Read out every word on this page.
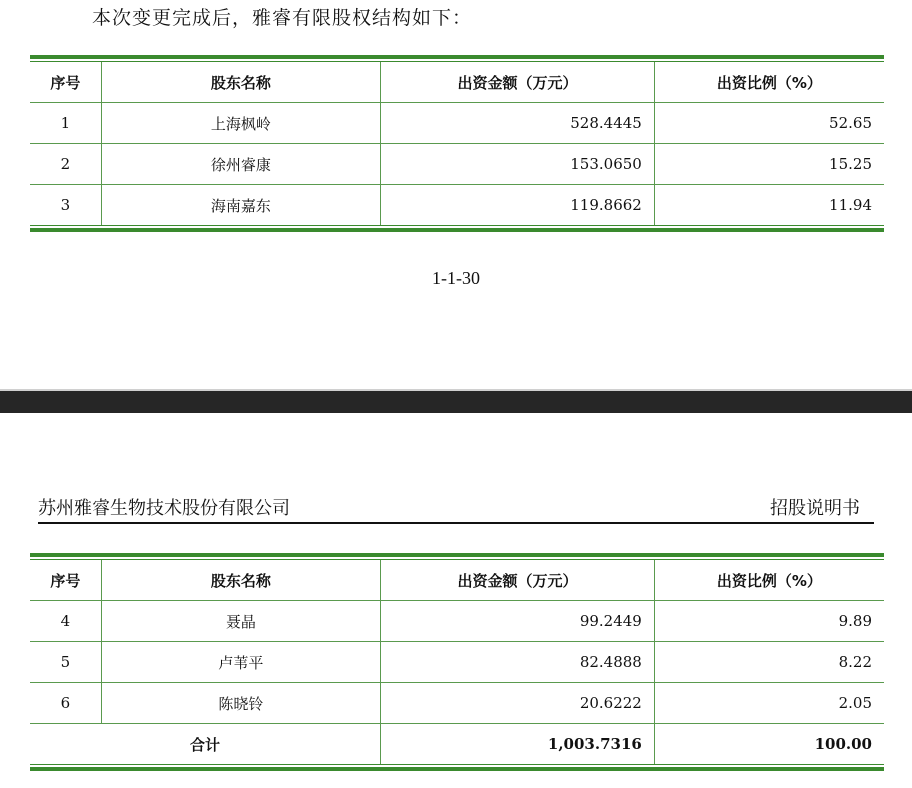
本次变更完成后，雅睿有限股权结构如下：

序号	股东名称	出资金额（万元）	出资比例（%）
1	上海枫岭	528.4445	52.65
2	徐州睿康	153.0650	15.25
3	海南嘉东	119.8662	11.94
1-1-30
苏州雅睿生物技术股份有限公司	招股说明书
序号	股东名称	出资金额（万元）	出资比例（%）
4	聂晶	99.2449	9.89
5	卢苇平	82.4888	8.22
6	陈晓铃	20.6222	2.05
合计		1,003.7316	100.00
